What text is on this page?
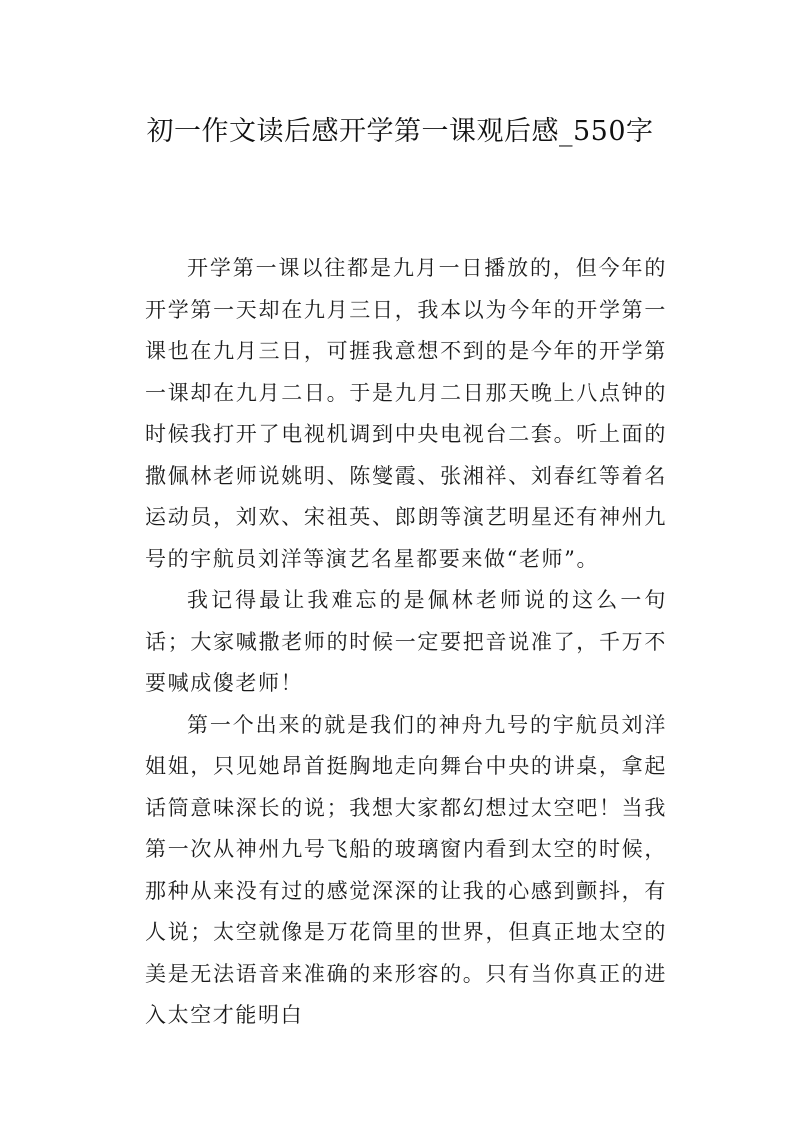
初一作文读后感开学第一课观后感_550字

开学第一课以往都是九月一日播放的，但今年的开学第一天却在九月三日，我本以为今年的开学第一课也在九月三日，可捱我意想不到的是今年的开学第一课却在九月二日。于是九月二日那天晚上八点钟的时候我打开了电视机调到中央电视台二套。听上面的撒佩林老师说姚明、陈燮霞、张湘祥、刘春红等着名运动员，刘欢、宋祖英、郎朗等演艺明星还有神州九号的宇航员刘洋等演艺名星都要来做“老师”。

我记得最让我难忘的是佩林老师说的这么一句话；大家喊撒老师的时候一定要把音说准了，千万不要喊成傻老师！

第一个出来的就是我们的神舟九号的宇航员刘洋姐姐，只见她昂首挺胸地走向舞台中央的讲桌，拿起话筒意味深长的说；我想大家都幻想过太空吧！当我第一次从神州九号飞船的玻璃窗内看到太空的时候，那种从来没有过的感觉深深的让我的心感到颤抖，有人说；太空就像是万花筒里的世界，但真正地太空的美是无法语音来准确的来形容的。只有当你真正的进入太空才能明白
